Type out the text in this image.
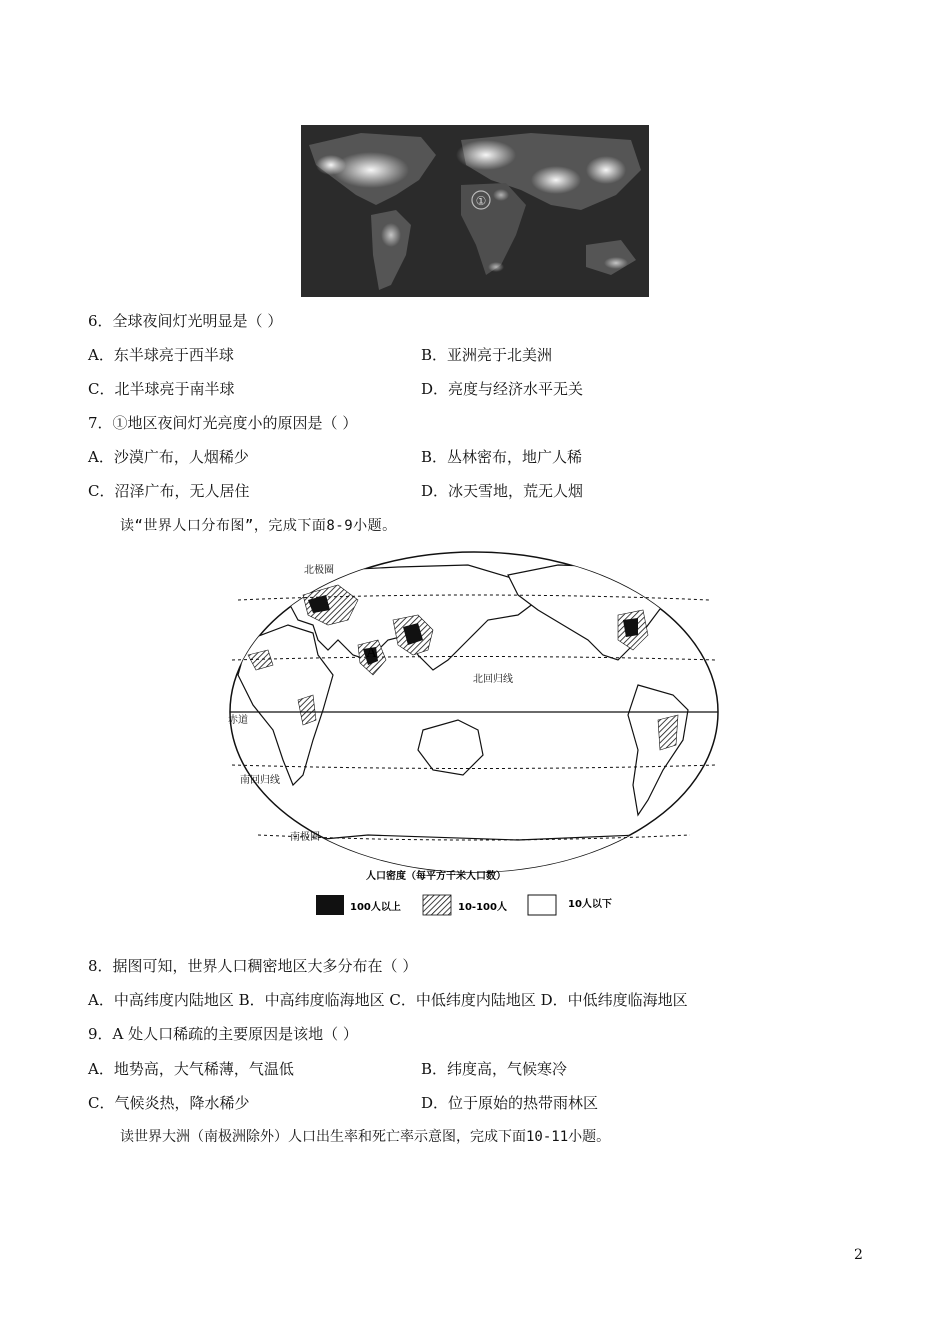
①
6．全球夜间灯光明显是（ ）
A．东半球亮于西半球	B．亚洲亮于北美洲
C．北半球亮于南半球	D．亮度与经济水平无关
7．①地区夜间灯光亮度小的原因是（ ）
A．沙漠广布，人烟稀少	B．丛林密布，地广人稀
C．沼泽广布，无人居住	D．冰天雪地，荒无人烟
读“世界人口分布图”，完成下面8-9小题。
北极圈
北回归线
赤道
南回归线
南极圈
A
人口密度（每平方千米人口数）
100人以上	10-100人	10人以下
8．据图可知，世界人口稠密地区大多分布在（ ）
A．中高纬度内陆地区 B．中高纬度临海地区 C．中低纬度内陆地区 D．中低纬度临海地区
9．A 处人口稀疏的主要原因是该地（ ）
A．地势高，大气稀薄，气温低	B．纬度高，气候寒冷
C．气候炎热，降水稀少	D．位于原始的热带雨林区
读世界大洲（南极洲除外）人口出生率和死亡率示意图，完成下面10-11小题。
2
